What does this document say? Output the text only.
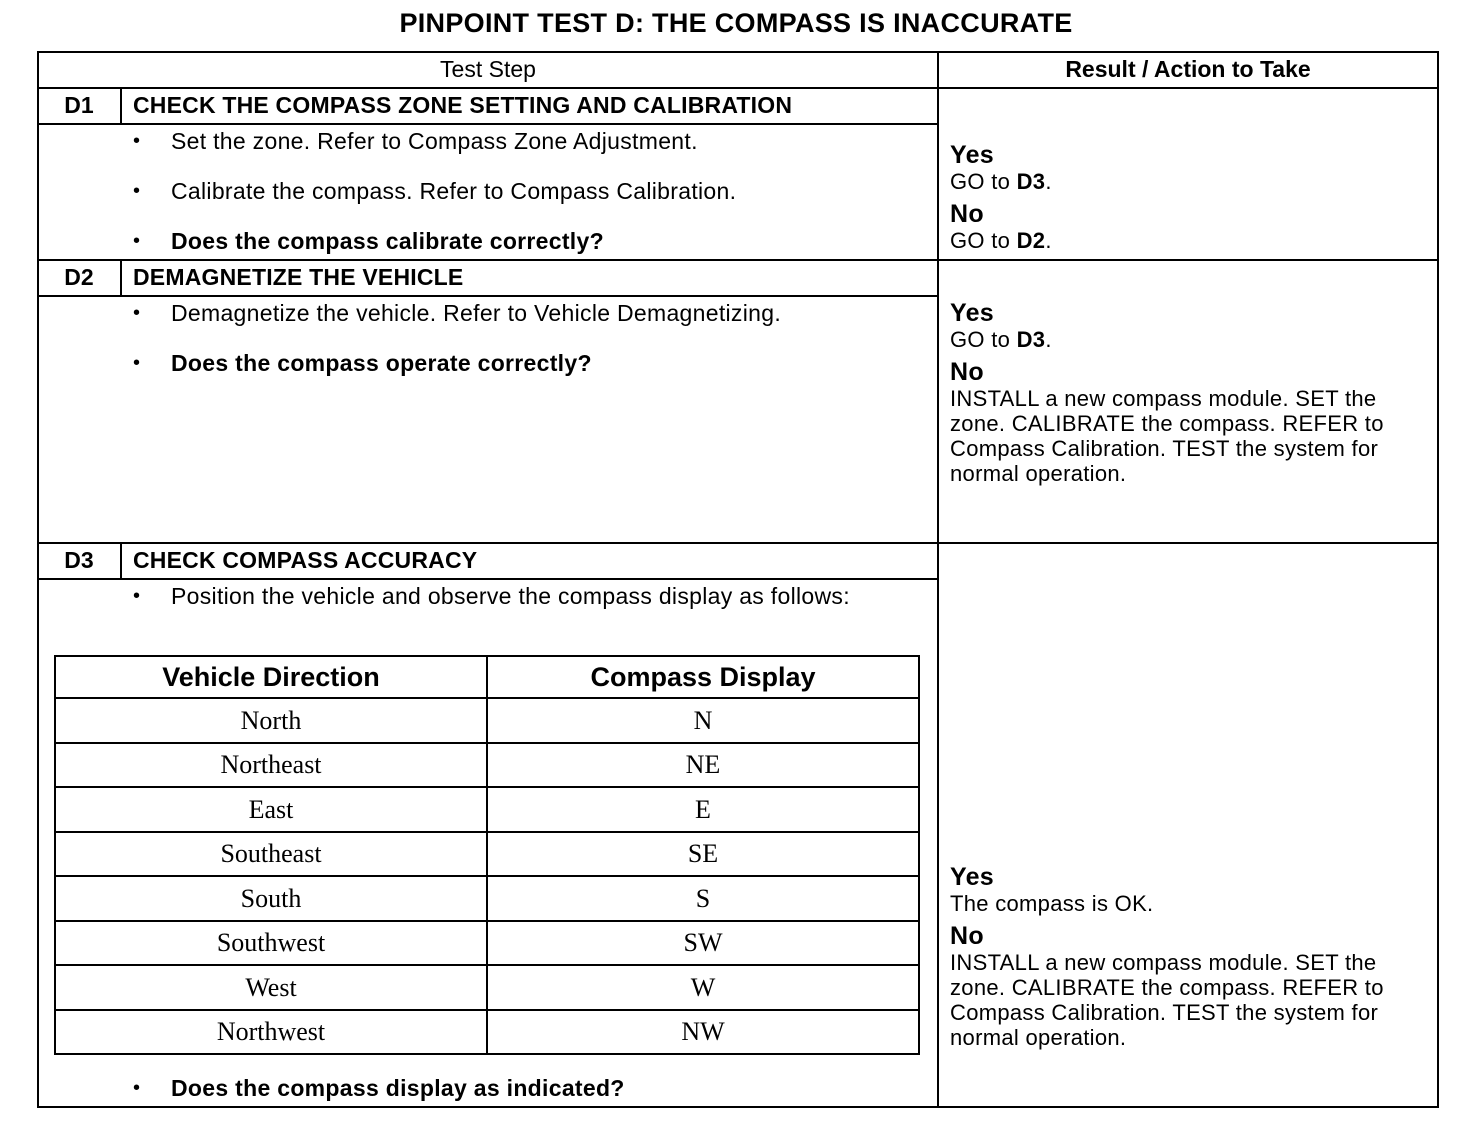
PINPOINT TEST D: THE COMPASS IS INACCURATE
Test Step	Result / Action to Take
D1	CHECK THE COMPASS ZONE SETTING AND CALIBRATION
•	Set the zone. Refer to Compass Zone Adjustment.
•	Calibrate the compass. Refer to Compass Calibration.
•	Does the compass calibrate correctly?
Yes
GO to D3.
No
GO to D2.
D2	DEMAGNETIZE THE VEHICLE
•	Demagnetize the vehicle. Refer to Vehicle Demagnetizing.
•	Does the compass operate correctly?
Yes
GO to D3.
No
INSTALL a new compass module. SET the zone. CALIBRATE the compass. REFER to Compass Calibration. TEST the system for normal operation.
D3	CHECK COMPASS ACCURACY
•	Position the vehicle and observe the compass display as follows:
Vehicle Direction	Compass Display
North	N
Northeast	NE
East	E
Southeast	SE
South	S
Southwest	SW
West	W
Northwest	NW
•	Does the compass display as indicated?
Yes
The compass is OK.
No
INSTALL a new compass module. SET the zone. CALIBRATE the compass. REFER to Compass Calibration. TEST the system for normal operation.
